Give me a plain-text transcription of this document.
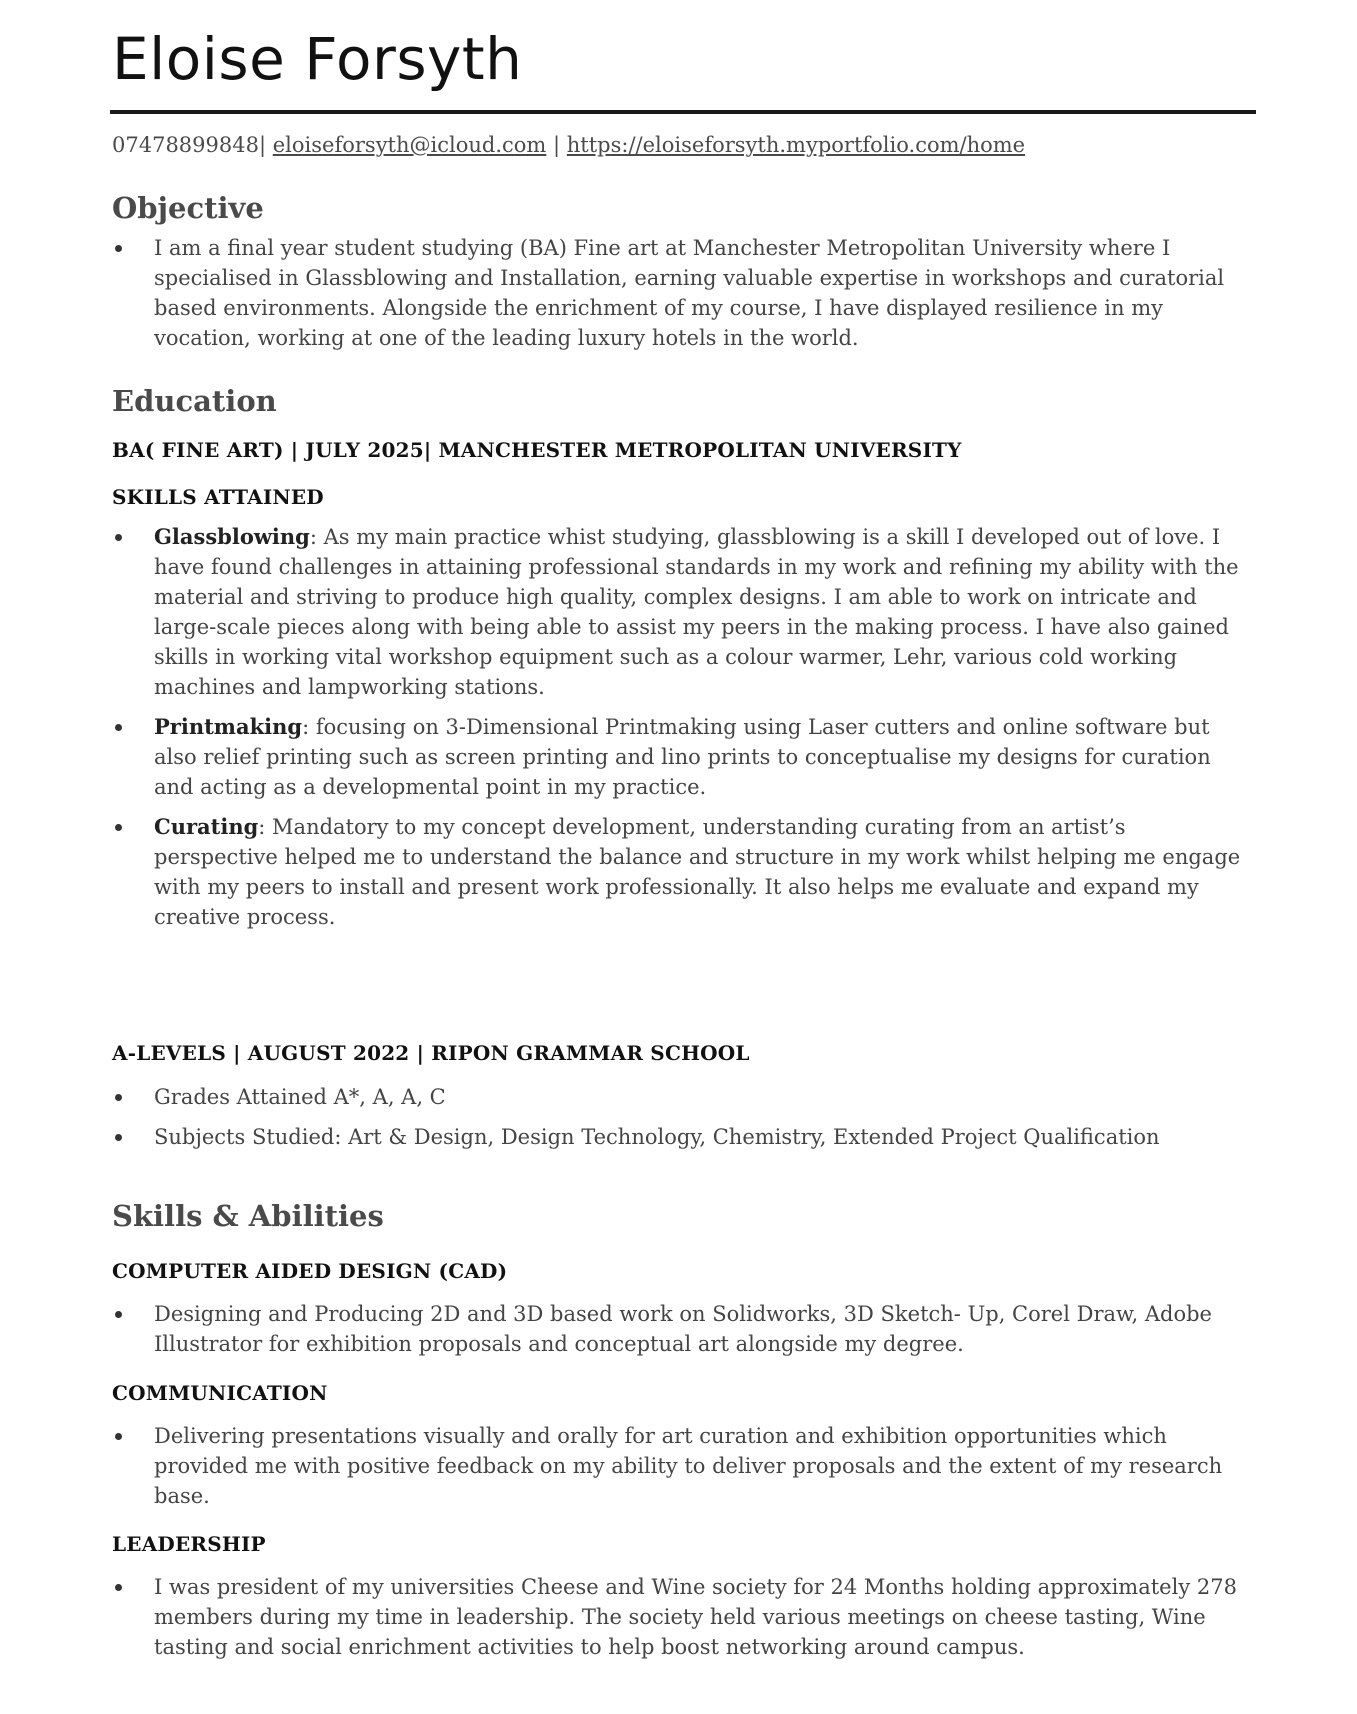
Eloise Forsyth
07478899848| eloiseforsyth@icloud.com | https://eloiseforsyth.myportfolio.com/home
Objective
I am a final year student studying (BA) Fine art at Manchester Metropolitan University where I specialised in Glassblowing and Installation, earning valuable expertise in workshops and curatorial based environments. Alongside the enrichment of my course, I have displayed resilience in my vocation, working at one of the leading luxury hotels in the world.
Education
BA( FINE ART) | JULY 2025| MANCHESTER METROPOLITAN UNIVERSITY
SKILLS ATTAINED
Glassblowing: As my main practice whist studying, glassblowing is a skill I developed out of love. I have found challenges in attaining professional standards in my work and refining my ability with the material and striving to produce high quality, complex designs. I am able to work on intricate and large-scale pieces along with being able to assist my peers in the making process. I have also gained skills in working vital workshop equipment such as a colour warmer, Lehr, various cold working machines and lampworking stations.
Printmaking: focusing on 3-Dimensional Printmaking using Laser cutters and online software but also relief printing such as screen printing and lino prints to conceptualise my designs for curation and acting as a developmental point in my practice.
Curating: Mandatory to my concept development, understanding curating from an artist’s perspective helped me to understand the balance and structure in my work whilst helping me engage with my peers to install and present work professionally. It also helps me evaluate and expand my creative process.
A-LEVELS | AUGUST 2022 | RIPON GRAMMAR SCHOOL
Grades Attained A*, A, A, C
Subjects Studied: Art & Design, Design Technology, Chemistry, Extended Project Qualification
Skills & Abilities
COMPUTER AIDED DESIGN (CAD)
Designing and Producing 2D and 3D based work on Solidworks, 3D Sketch- Up, Corel Draw, Adobe Illustrator for exhibition proposals and conceptual art alongside my degree.
COMMUNICATION
Delivering presentations visually and orally for art curation and exhibition opportunities which provided me with positive feedback on my ability to deliver proposals and the extent of my research base.
LEADERSHIP
I was president of my universities Cheese and Wine society for 24 Months holding approximately 278 members during my time in leadership. The society held various meetings on cheese tasting, Wine tasting and social enrichment activities to help boost networking around campus.
